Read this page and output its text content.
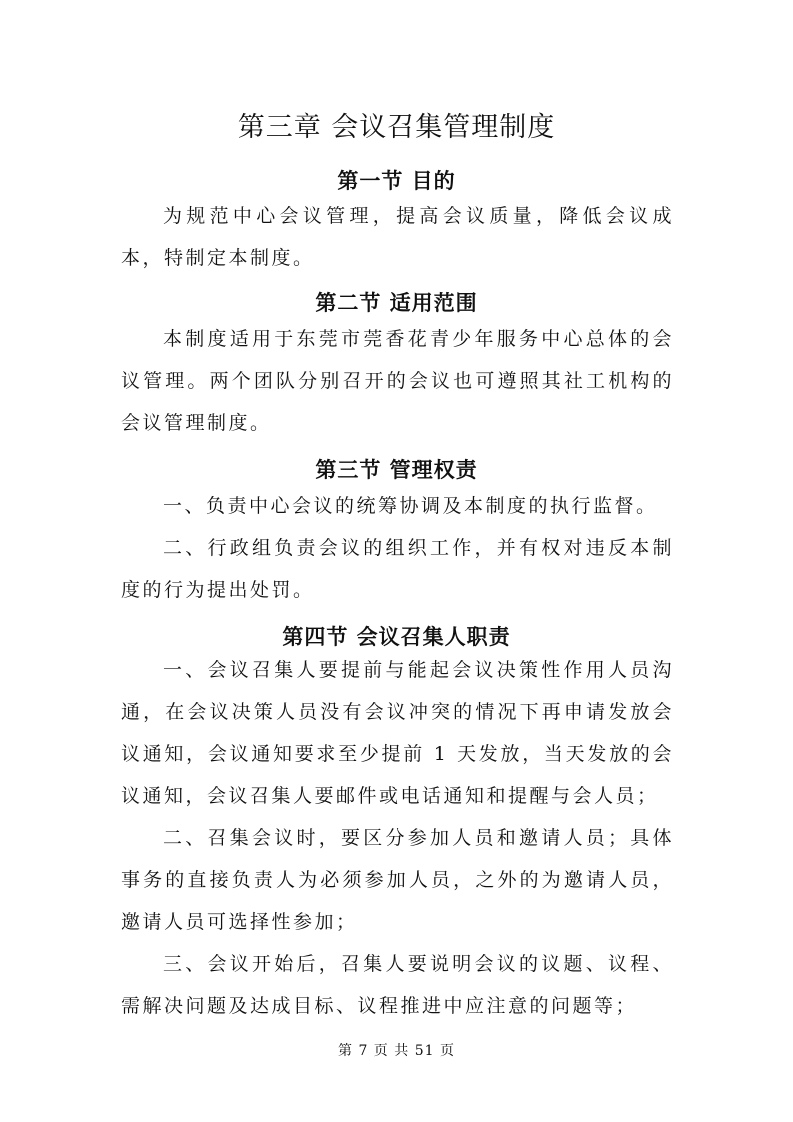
第三章 会议召集管理制度
第一节 目的
为规范中心会议管理，提高会议质量，降低会议成本，特制定本制度。
第二节 适用范围
本制度适用于东莞市莞香花青少年服务中心总体的会议管理。两个团队分别召开的会议也可遵照其社工机构的会议管理制度。
第三节 管理权责
一、负责中心会议的统筹协调及本制度的执行监督。
二、行政组负责会议的组织工作，并有权对违反本制度的行为提出处罚。
第四节 会议召集人职责
一、会议召集人要提前与能起会议决策性作用人员沟通，在会议决策人员没有会议冲突的情况下再申请发放会议通知，会议通知要求至少提前 1 天发放，当天发放的会议通知，会议召集人要邮件或电话通知和提醒与会人员；
二、召集会议时，要区分参加人员和邀请人员；具体事务的直接负责人为必须参加人员，之外的为邀请人员，邀请人员可选择性参加；
三、会议开始后，召集人要说明会议的议题、议程、需解决问题及达成目标、议程推进中应注意的问题等；
第 7 页 共 51 页
